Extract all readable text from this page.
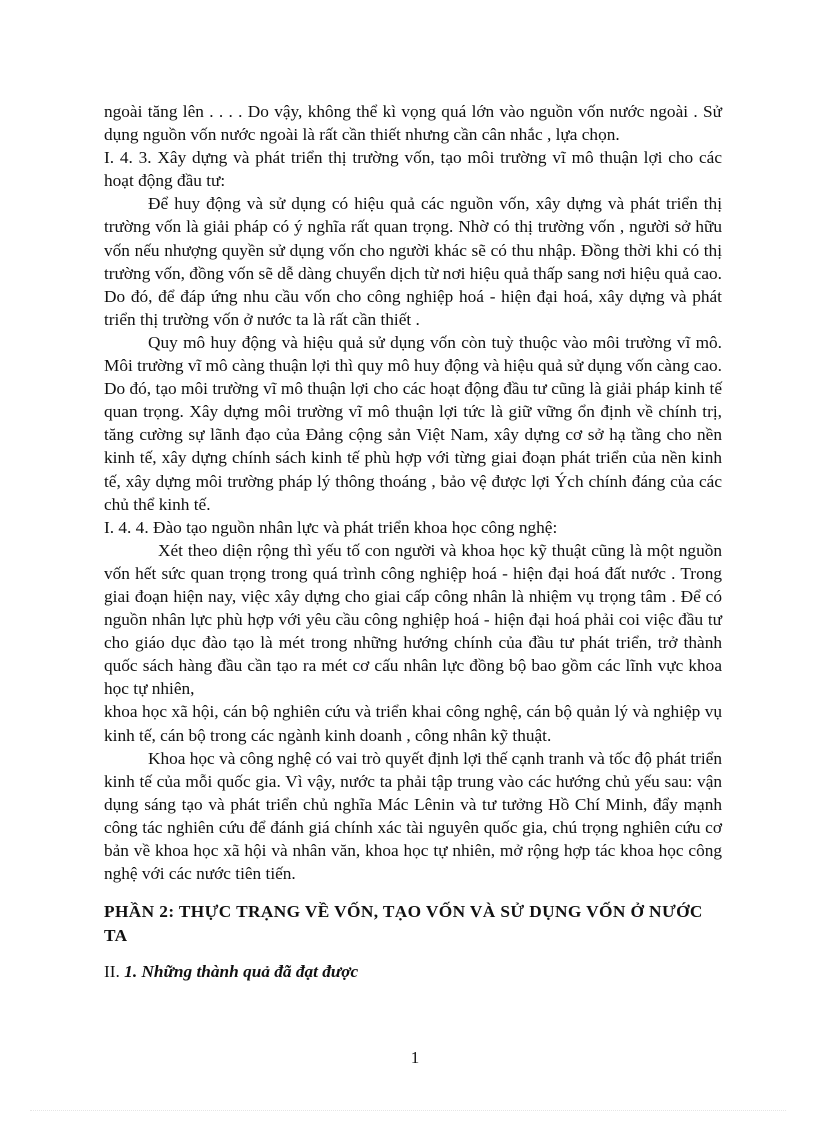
ngoài tăng lên . . . . Do vậy, không thể kì vọng quá lớn vào nguồn vốn nước ngoài . Sử dụng nguồn vốn nước ngoài là rất cần thiết nhưng cần cân nhắc , lựa chọn.

I. 4. 3. Xây dựng và phát triển thị trường vốn, tạo môi trường vĩ mô thuận lợi cho các hoạt động đầu tư:

Để huy động và sử dụng có hiệu quả các nguồn vốn, xây dựng và phát triển thị trường vốn là giải pháp có ý nghĩa rất quan trọng. Nhờ có thị trường vốn , người sở hữu vốn nếu nhượng quyền sử dụng vốn cho người khác sẽ có thu nhập. Đồng thời khi có thị trường vốn, đồng vốn sẽ dễ dàng chuyển dịch từ nơi hiệu quả thấp sang nơi hiệu quả cao. Do đó, để đáp ứng nhu cầu vốn cho công nghiệp hoá - hiện đại hoá, xây dựng và phát triển thị trường vốn ở nước ta là rất cần thiết .

Quy mô huy động và hiệu quả sử dụng vốn còn tuỳ thuộc vào môi trường vĩ mô. Môi trường vĩ mô càng thuận lợi thì quy mô huy động và hiệu quả sử dụng vốn càng cao. Do đó, tạo môi trường vĩ mô thuận lợi cho các hoạt động đầu tư cũng là giải pháp kinh tế quan trọng. Xây dựng môi trường vĩ mô thuận lợi tức là giữ vững ổn định về chính trị, tăng cường sự lãnh đạo của Đảng cộng sản Việt Nam, xây dựng cơ sở hạ tầng cho nền kinh tế, xây dựng chính sách kinh tế phù hợp với từng giai đoạn phát triển của nền kinh tế, xây dựng môi trường pháp lý thông thoáng , bảo vệ được lợi Ých chính đáng của các chủ thể kinh tế.

I. 4. 4. Đào tạo nguồn nhân lực và phát triển khoa học công nghệ:

Xét theo diện rộng thì yếu tố con người và khoa học kỹ thuật cũng là một nguồn vốn hết sức quan trọng trong quá trình công nghiệp hoá - hiện đại hoá đất nước . Trong giai đoạn hiện nay, việc xây dựng cho giai cấp công nhân là nhiệm vụ trọng tâm . Để có nguồn nhân lực phù hợp với yêu cầu công nghiệp hoá - hiện đại hoá phải coi việc đầu tư cho giáo dục đào tạo là mét trong những hướng chính của đầu tư phát triển, trở thành quốc sách hàng đầu cần tạo ra mét cơ cấu nhân lực đồng bộ bao gồm các lĩnh vực khoa học tự nhiên,

khoa học xã hội, cán bộ nghiên cứu và triển khai công nghệ, cán bộ quản lý và nghiệp vụ kinh tế, cán bộ trong các ngành kinh doanh , công nhân kỹ thuật.

Khoa học và công nghệ có vai trò quyết định lợi thế cạnh tranh và tốc độ phát triển kinh tế của mỗi quốc gia. Vì vậy, nước ta phải tập trung vào các hướng chủ yếu sau: vận dụng sáng tạo và phát triển chủ nghĩa Mác Lênin và tư tưởng Hồ Chí Minh, đẩy mạnh công tác nghiên cứu để đánh giá chính xác tài nguyên quốc gia, chú trọng nghiên cứu cơ bản về khoa học xã hội và nhân văn, khoa học tự nhiên, mở rộng hợp tác khoa học công nghệ với các nước tiên tiến.

PHẦN 2: THỰC TRẠNG VỀ VỐN, TẠO VỐN VÀ SỬ DỤNG VỐN Ở NƯỚC TA
II. 1. Những thành quả đã đạt được
1
